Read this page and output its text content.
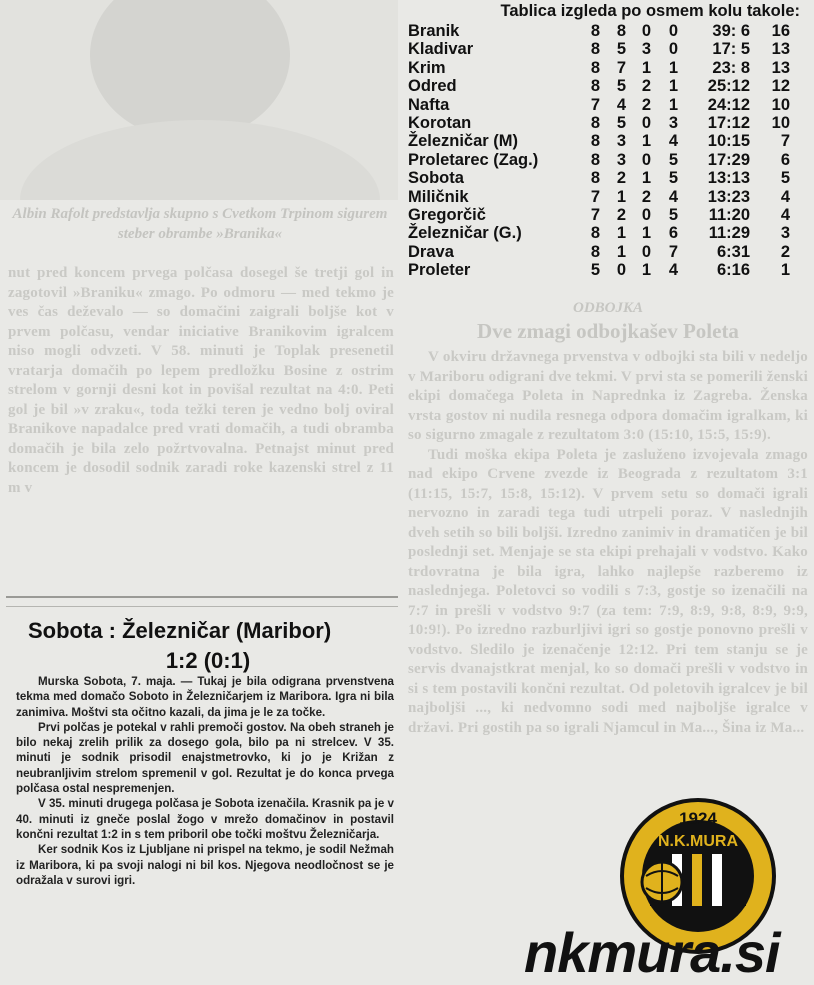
Albin Rafolt predstavlja skupno s Cvetkom Trpinom sigurem steber obrambe »Branika«

nut pred koncem prvega polčasa dosegel še tretji gol in zagotovil »Braniku« zmago. Po odmoru — med tekmo je ves čas deževalo — so domačini zaigrali boljše kot v prvem polčasu, vendar iniciative Branikovim igralcem niso mogli odvzeti. V 58. minuti je Toplak presenetil vratarja domačih po lepem predložku Bosine z ostrim strelom v gornji desni kot in povišal rezultat na 4:0. Peti gol je bil »v zraku«, toda težki teren je vedno bolj oviral Branikove napadalce pred vrati domačih, a tudi obramba domačih je bila zelo požrtvovalna. Petnajst minut pred koncem je dosodil sodnik zaradi roke kazenski strel z 11 m v

Tablica izgleda po osmem kolu takole:
Branik	8 8 0 0	39: 6 16
Kladivar	8 5 3 0	17: 5 13
Krim	8 7 1 1	23: 8 13
Odred	8 5 2 1	25:12 12
Nafta	7 4 2 1	24:12 10
Korotan	8 5 0 3	17:12 10
Železničar (M)	8 3 1 4	10:15	7
Proletarec (Zag.)	8 3 0 5	17:29	6
Sobota	8 2 1 5	13:13	5
Miličnik	7 1 2 4	13:23	4
Gregorčič	7 2 0 5	11:20	4
Železničar (G.)	8 1 1 6	11:29	3
Drava	8 1 0 7	6:31	2
Proleter	5 0 1 4	6:16	1
ODBOJKA
Dve zmagi odbojkašev Poleta

V okviru državnega prvenstva v odbojki sta bili v nedeljo v Mariboru odigrani dve tekmi. V prvi sta se pomerili ženski ekipi domačega Poleta in Naprednka iz Zagreba. Ženska vrsta gostov ni nudila resnega odpora domačim igralkam, ki so sigurno zmagale z rezultatom 3:0 (15:10, 15:5, 15:9).

Tudi moška ekipa Poleta je zasluženo izvojevala zmago nad ekipo Crvene zvezde iz Beograda z rezultatom 3:1 (11:15, 15:7, 15:8, 15:12). V prvem setu so domači igrali nervozno in zaradi tega tudi utrpeli poraz. V naslednjih dveh setih so bili boljši. Izredno zanimiv in dramatičen je bil poslednji set. Menjaje se sta ekipi prehajali v vodstvo. Kako trdovratna je bila igra, lahko najlepše razberemo iz naslednjega. Poletovci so vodili s 7:3, gostje so izenačili na 7:7 in prešli v vodstvo 9:7 (za tem: 7:9, 8:9, 9:8, 8:9, 9:9, 10:9!). Po izredno razburljivi igri so gostje ponovno prešli v vodstvo. Sledilo je izenačenje 12:12. Pri tem stanju se je servis dvanajstkrat menjal, ko so domači prešli v vodstvo in si s tem postavili končni rezultat. Od poletovih igralcev je bil najboljši ..., ki nedvomno sodi med najboljše igralce v državi. Pri gostih pa so igrali Njamcul in Ma..., Šina iz Ma...

Sobota : Železničar (Maribor)
1:2 (0:1)

Murska Sobota, 7. maja. — Tukaj je bila odigrana prvenstvena tekma med domačo Soboto in Železničarjem iz Maribora. Igra ni bila zanimiva. Moštvi sta očitno kazali, da jima je le za točke.

Prvi polčas je potekal v rahli premoči gostov. Na obeh straneh je bilo nekaj zrelih prilik za dosego gola, bilo pa ni strelcev. V 35. minuti je sodnik prisodil enajstmetrovko, ki jo je Križan z neubranljivim strelom spremenil v gol. Rezultat je do konca prvega polčasa ostal nespremenjen.

V 35. minuti drugega polčasa je Sobota izenačila. Krasnik pa je v 40. minuti iz gneče poslal žogo v mrežo domačinov in postavil končni rezultat 1:2 in s tem priboril obe točki moštvu Železničarja.

Ker sodnik Kos iz Ljubljane ni prispel na tekmo, je sodil Nežmah iz Maribora, ki pa svoji nalogi ni bil kos. Njegova neodločnost se je odražala v surovi igri.

1924
N.K.MURA
nkmura.si
